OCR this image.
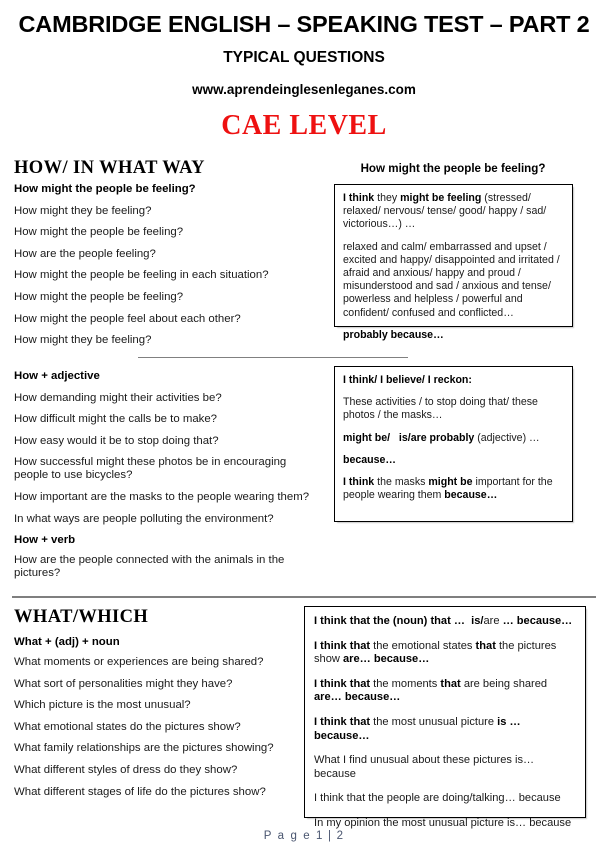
CAMBRIDGE ENGLISH – SPEAKING TEST – PART 2
TYPICAL QUESTIONS
www.aprendeinglesenleganes.com
CAE LEVEL
HOW/ IN WHAT WAY
How might the people be feeling?
How might they be feeling?
How might the people be feeling?
How are the people feeling?
How might the people be feeling in each situation?
How might the people be feeling?
How might the people feel about each other?
How might they be feeling?
How might the people be feeling?

I think they might be feeling (stressed/ relaxed/ nervous/ tense/ good/ happy / sad/ victorious…) …

relaxed and calm/ embarrassed and upset / excited and happy/ disappointed and irritated / afraid and anxious/ happy and proud / misunderstood and sad / anxious and tense/ powerless and helpless / powerful and confident/ confused and conflicted…

probably because…

How + adjective
How demanding might their activities be?
How difficult might the calls be to make?
How easy would it be to stop doing that?
How successful might these photos be in encouraging people to use bicycles?
How important are the masks to the people wearing them?
In what ways are people polluting the environment?
How + verb
How are the people connected with the animals in the pictures?

I think/ I believe/ I reckon:

These activities / to stop doing that/ these photos / the masks…

might be/   is/are probably (adjective) …

because…

I think the masks might be important for the people wearing them because…

WHAT/WHICH
What + (adj) + noun
What moments or experiences are being shared?
What sort of personalities might they have?
Which picture is the most unusual?
What emotional states do the pictures show?
What family relationships are the pictures showing?
What different styles of dress do they show?
What different stages of life do the pictures show?

I think that the (noun) that …  is/are … because…

I think that the emotional states that the pictures show are… because…

I think that the moments that are being shared are… because…

I think that the most unusual picture is … because…

What I find unusual about these pictures is… because

I think that the people are doing/talking… because

In my opinion the most unusual picture is… because

P a g e 1 | 2
